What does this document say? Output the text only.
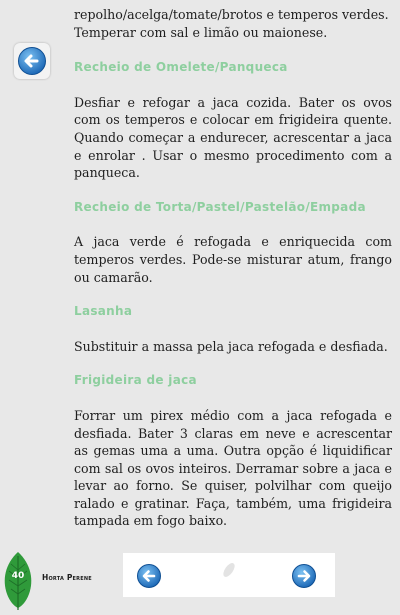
repolho/acelga/tomate/brotos e temperos verdes.
Temperar com sal e limão ou maionese.

Recheio de Omelete/Panqueca

Desfiar e refogar a jaca cozida. Bater os ovos com os temperos e colocar em frigideira quente. Quando começar a endurecer, acrescentar a jaca e enrolar . Usar o mesmo procedimento com a panqueca.

Recheio de Torta/Pastel/Pastelão/Empada

A jaca verde é refogada e enriquecida com temperos verdes. Pode-se misturar atum, frango ou camarão.

Lasanha

Substituir a massa pela jaca refogada e desfiada.

Frigideira de jaca

Forrar um pirex médio com a jaca refogada e desfiada. Bater 3 claras em neve e acrescentar as gemas uma a uma. Outra opção é liquidificar com sal os ovos inteiros. Derramar sobre a jaca e levar ao forno. Se quiser, polvilhar com queijo ralado e gratinar. Faça, também, uma frigideira tampada em fogo baixo.

40	Horta Perene
